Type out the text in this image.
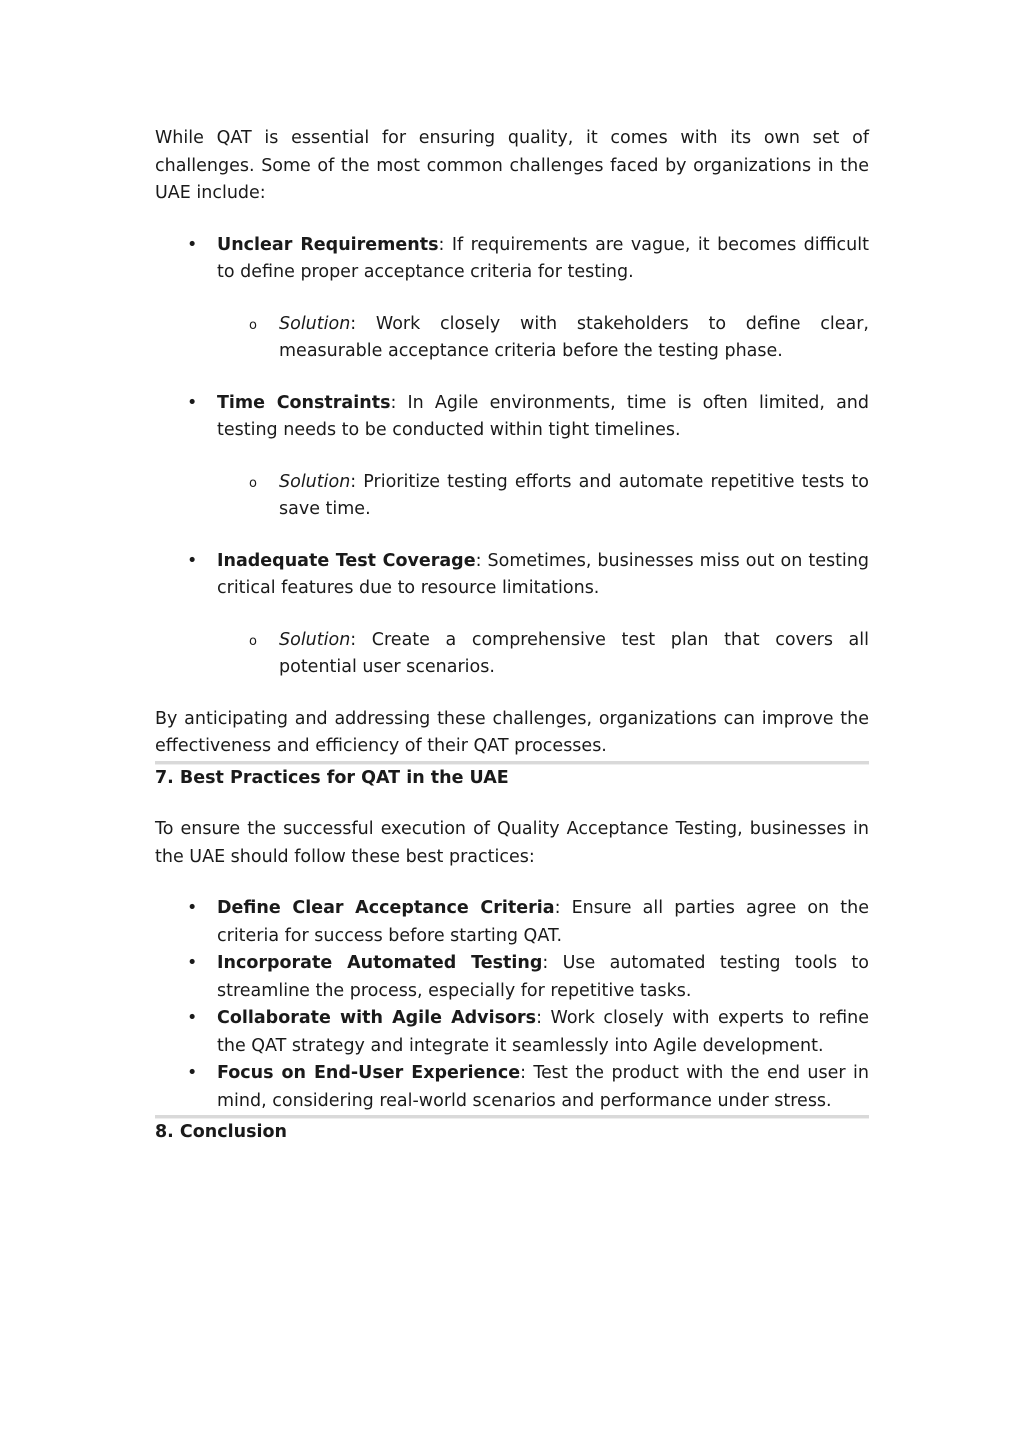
While QAT is essential for ensuring quality, it comes with its own set of challenges. Some of the most common challenges faced by organizations in the UAE include:

• Unclear Requirements: If requirements are vague, it becomes difficult to define proper acceptance criteria for testing.

o Solution: Work closely with stakeholders to define clear, measurable acceptance criteria before the testing phase.

• Time Constraints: In Agile environments, time is often limited, and testing needs to be conducted within tight timelines.

o Solution: Prioritize testing efforts and automate repetitive tests to save time.

• Inadequate Test Coverage: Sometimes, businesses miss out on testing critical features due to resource limitations.

o Solution: Create a comprehensive test plan that covers all potential user scenarios.

By anticipating and addressing these challenges, organizations can improve the effectiveness and efficiency of their QAT processes.

7. Best Practices for QAT in the UAE

To ensure the successful execution of Quality Acceptance Testing, businesses in the UAE should follow these best practices:

• Define Clear Acceptance Criteria: Ensure all parties agree on the criteria for success before starting QAT.

• Incorporate Automated Testing: Use automated testing tools to streamline the process, especially for repetitive tasks.

• Collaborate with Agile Advisors: Work closely with experts to refine the QAT strategy and integrate it seamlessly into Agile development.

• Focus on End-User Experience: Test the product with the end user in mind, considering real-world scenarios and performance under stress.

8. Conclusion
